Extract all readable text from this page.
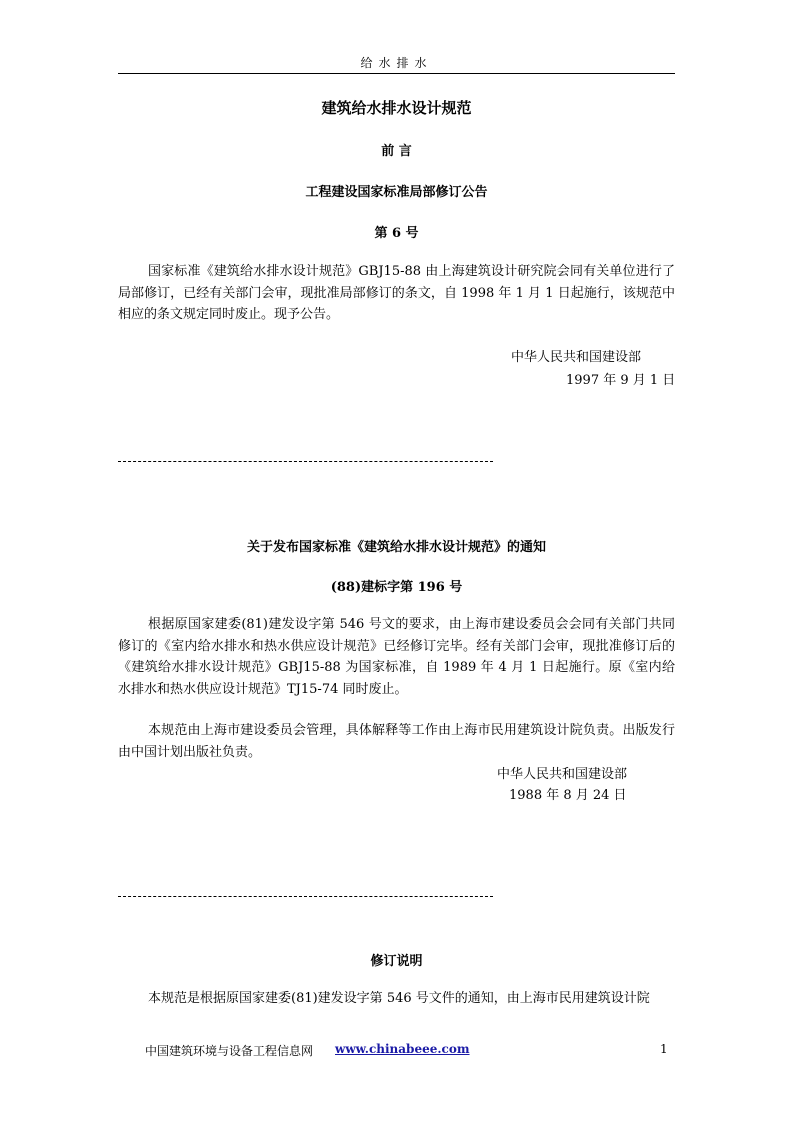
给水排水
建筑给水排水设计规范
前 言
工程建设国家标准局部修订公告
第 6 号

国家标准《建筑给水排水设计规范》GBJ15-88 由上海建筑设计研究院会同有关单位进行了局部修订，已经有关部门会审，现批准局部修订的条文，自 1998 年 1 月 1 日起施行，该规范中相应的条文规定同时废止。现予公告。

中华人民共和国建设部
1997 年 9 月 1 日
关于发布国家标准《建筑给水排水设计规范》的通知
(88)建标字第 196 号

根据原国家建委(81)建发设字第 546 号文的要求，由上海市建设委员会会同有关部门共同修订的《室内给水排水和热水供应设计规范》已经修订完毕。经有关部门会审，现批准修订后的《建筑给水排水设计规范》GBJ15-88 为国家标准，自 1989 年 4 月 1 日起施行。原《室内给水排水和热水供应设计规范》TJ15-74 同时废止。

本规范由上海市建设委员会管理，具体解释等工作由上海市民用建筑设计院负责。出版发行由中国计划出版社负责。

中华人民共和国建设部
1988 年 8 月 24 日
修订说明

本规范是根据原国家建委(81)建发设字第 546 号文件的通知，由上海市民用建筑设计院

中国建筑环境与设备工程信息网 www.chinabeee.com	1
